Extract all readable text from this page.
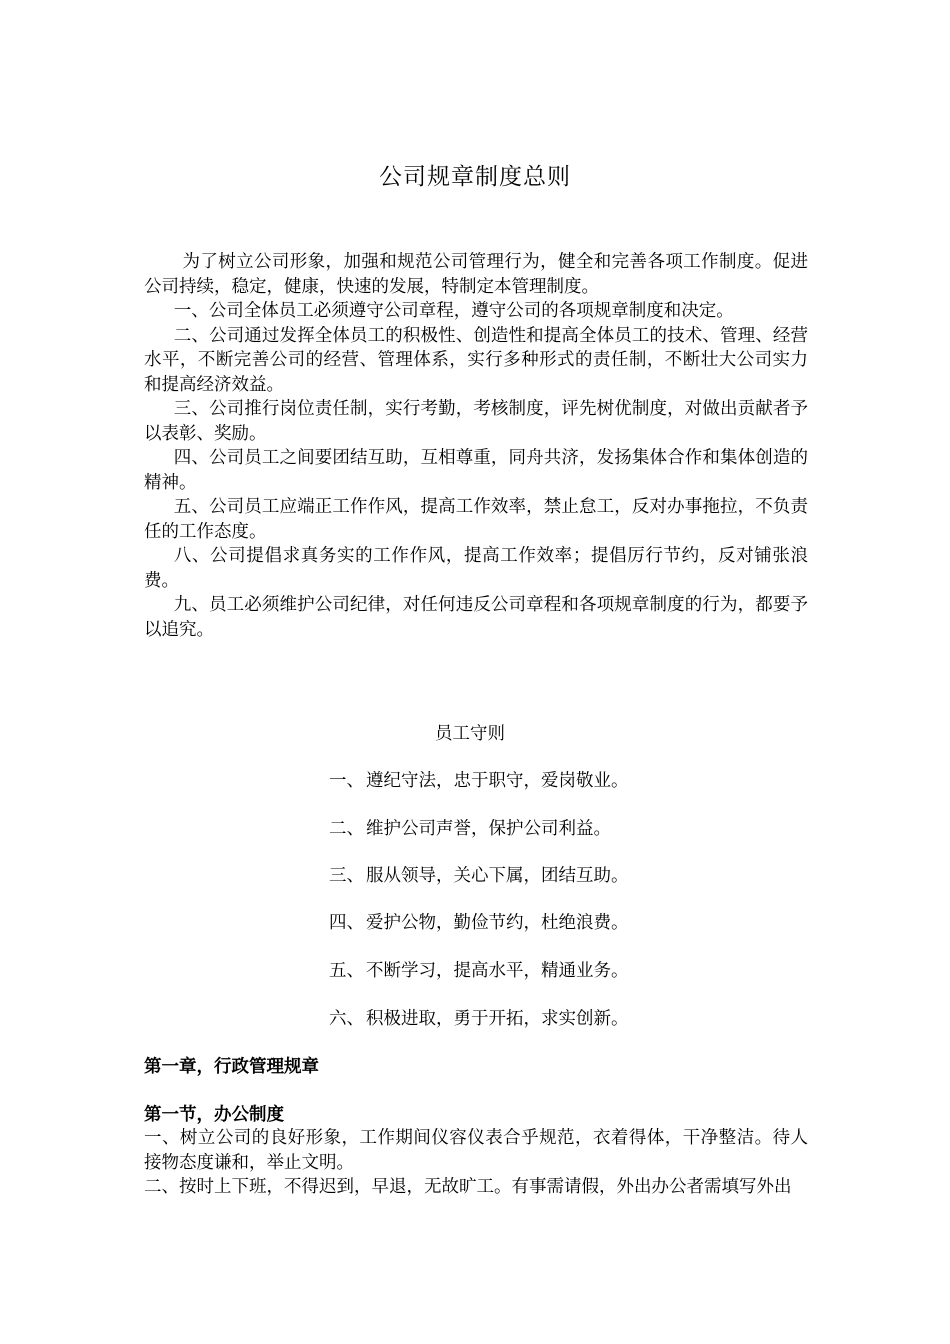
公司规章制度总则

为了树立公司形象，加强和规范公司管理行为，健全和完善各项工作制度。促进公司持续，稳定，健康，快速的发展，特制定本管理制度。

一、公司全体员工必须遵守公司章程，遵守公司的各项规章制度和决定。

二、公司通过发挥全体员工的积极性、创造性和提高全体员工的技术、管理、经营水平，不断完善公司的经营、管理体系，实行多种形式的责任制，不断壮大公司实力和提高经济效益。

三、公司推行岗位责任制，实行考勤，考核制度，评先树优制度，对做出贡献者予以表彰、奖励。

四、公司员工之间要团结互助，互相尊重，同舟共济，发扬集体合作和集体创造的精神。

五、公司员工应端正工作作风，提高工作效率，禁止怠工，反对办事拖拉，不负责任的工作态度。

八、公司提倡求真务实的工作作风，提高工作效率；提倡厉行节约，反对铺张浪费。

九、员工必须维护公司纪律，对任何违反公司章程和各项规章制度的行为，都要予以追究。

员工守则
一、 遵纪守法，忠于职守，爱岗敬业。
二、 维护公司声誉，保护公司利益。
三、 服从领导，关心下属，团结互助。
四、 爱护公物，勤俭节约，杜绝浪费。
五、 不断学习，提高水平，精通业务。
六、 积极进取，勇于开拓，求实创新。
第一章，行政管理规章
第一节，办公制度

一、树立公司的良好形象，工作期间仪容仪表合乎规范，衣着得体，干净整洁。待人接物态度谦和，举止文明。

二、按时上下班，不得迟到，早退，无故旷工。有事需请假，外出办公者需填写外出
